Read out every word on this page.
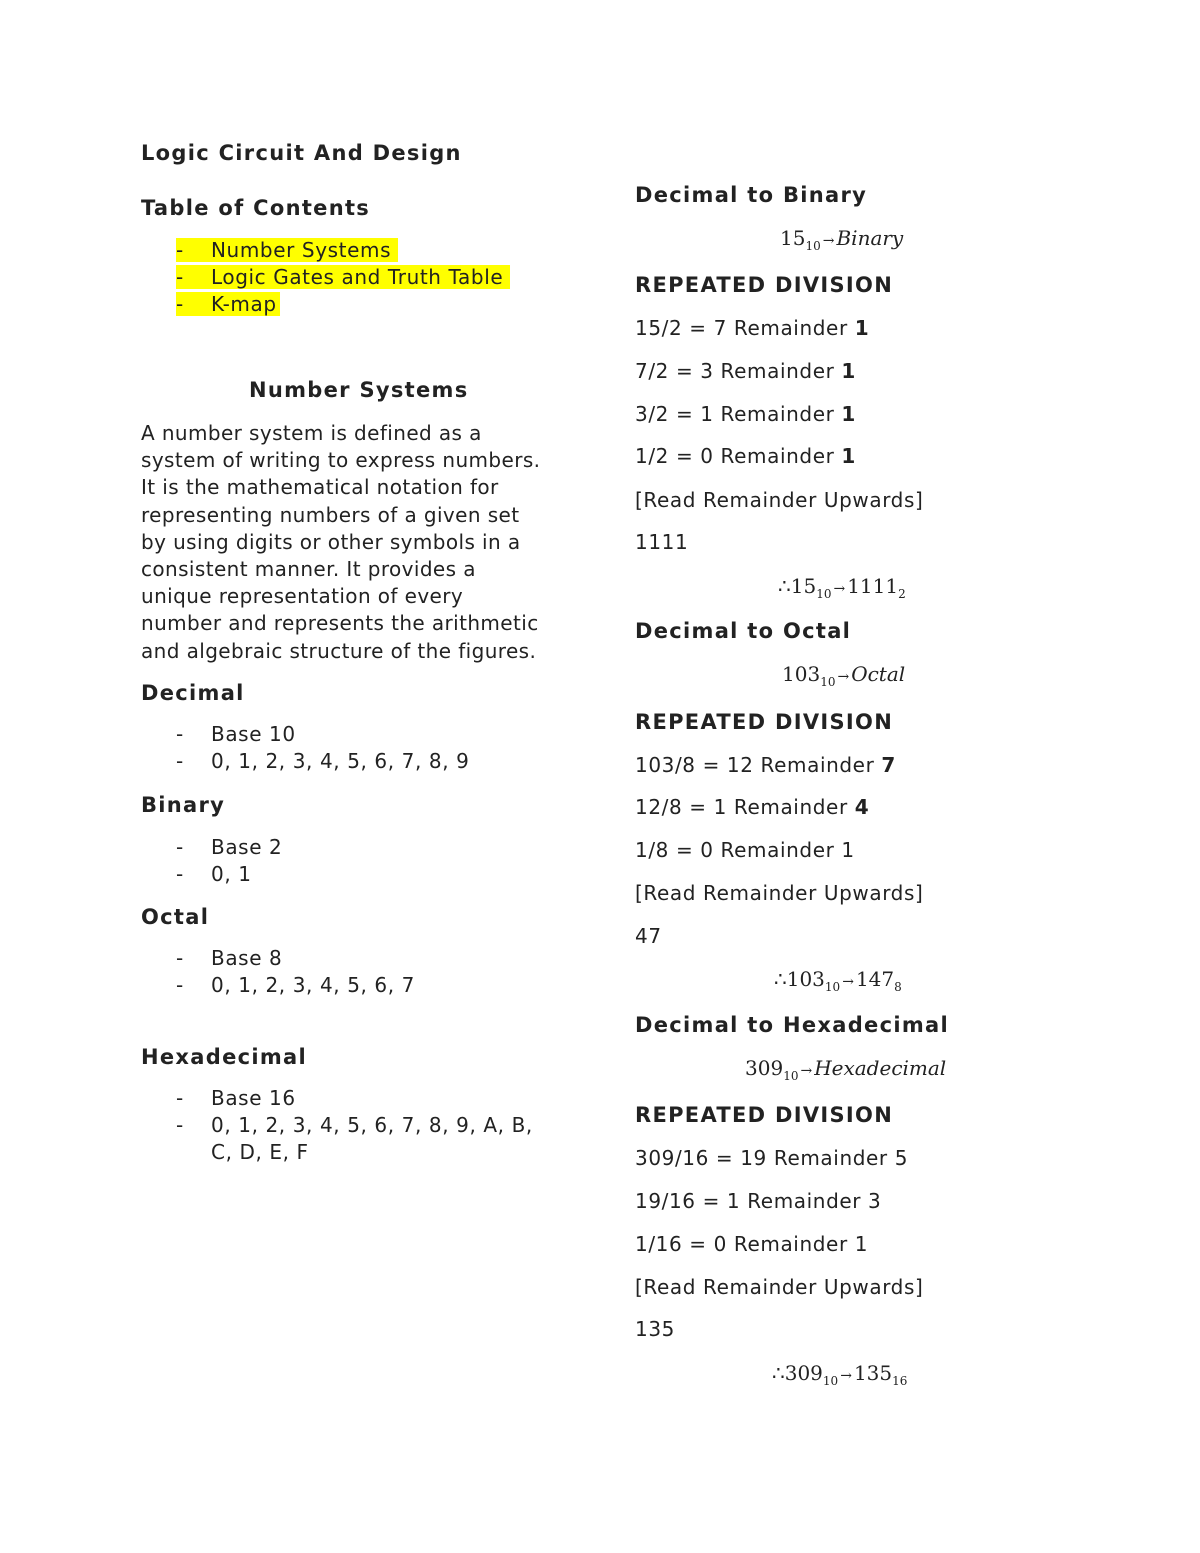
Logic Circuit And Design
Table of Contents
- Number Systems
- Logic Gates and Truth Table
- K-map
Number Systems
A number system is defined as a
system of writing to express numbers.
It is the mathematical notation for
representing numbers of a given set
by using digits or other symbols in a
consistent manner. It provides a
unique representation of every
number and represents the arithmetic
and algebraic structure of the figures.
Decimal
- Base 10
- 0, 1, 2, 3, 4, 5, 6, 7, 8, 9
Binary
- Base 2
- 0, 1
Octal
- Base 8
- 0, 1, 2, 3, 4, 5, 6, 7
Hexadecimal
- Base 16
- 0, 1, 2, 3, 4, 5, 6, 7, 8, 9, A, B,
C, D, E, F
Decimal to Binary
$15_{10}$ → Binary
REPEATED DIVISION
15/2 = 7 Remainder 1
7/2 = 3 Remainder 1
3/2 = 1 Remainder 1
1/2 = 0 Remainder 1
[Read Remainder Upwards]
1111
$\therefore 15_{10} \to 1111_2$
Decimal to Octal
$103_{10}$ → Octal
REPEATED DIVISION
103/8 = 12 Remainder 7
12/8 = 1 Remainder 4
1/8 = 0 Remainder 1
[Read Remainder Upwards]
47
$\therefore 103_{10} \to 147_8$
Decimal to Hexadecimal
$309_{10}$ → Hexadecimal
REPEATED DIVISION
309/16 = 19 Remainder 5
19/16 = 1 Remainder 3
1/16 = 0 Remainder 1
[Read Remainder Upwards]
135
$\therefore 309_{10} \to 135_{16}$
